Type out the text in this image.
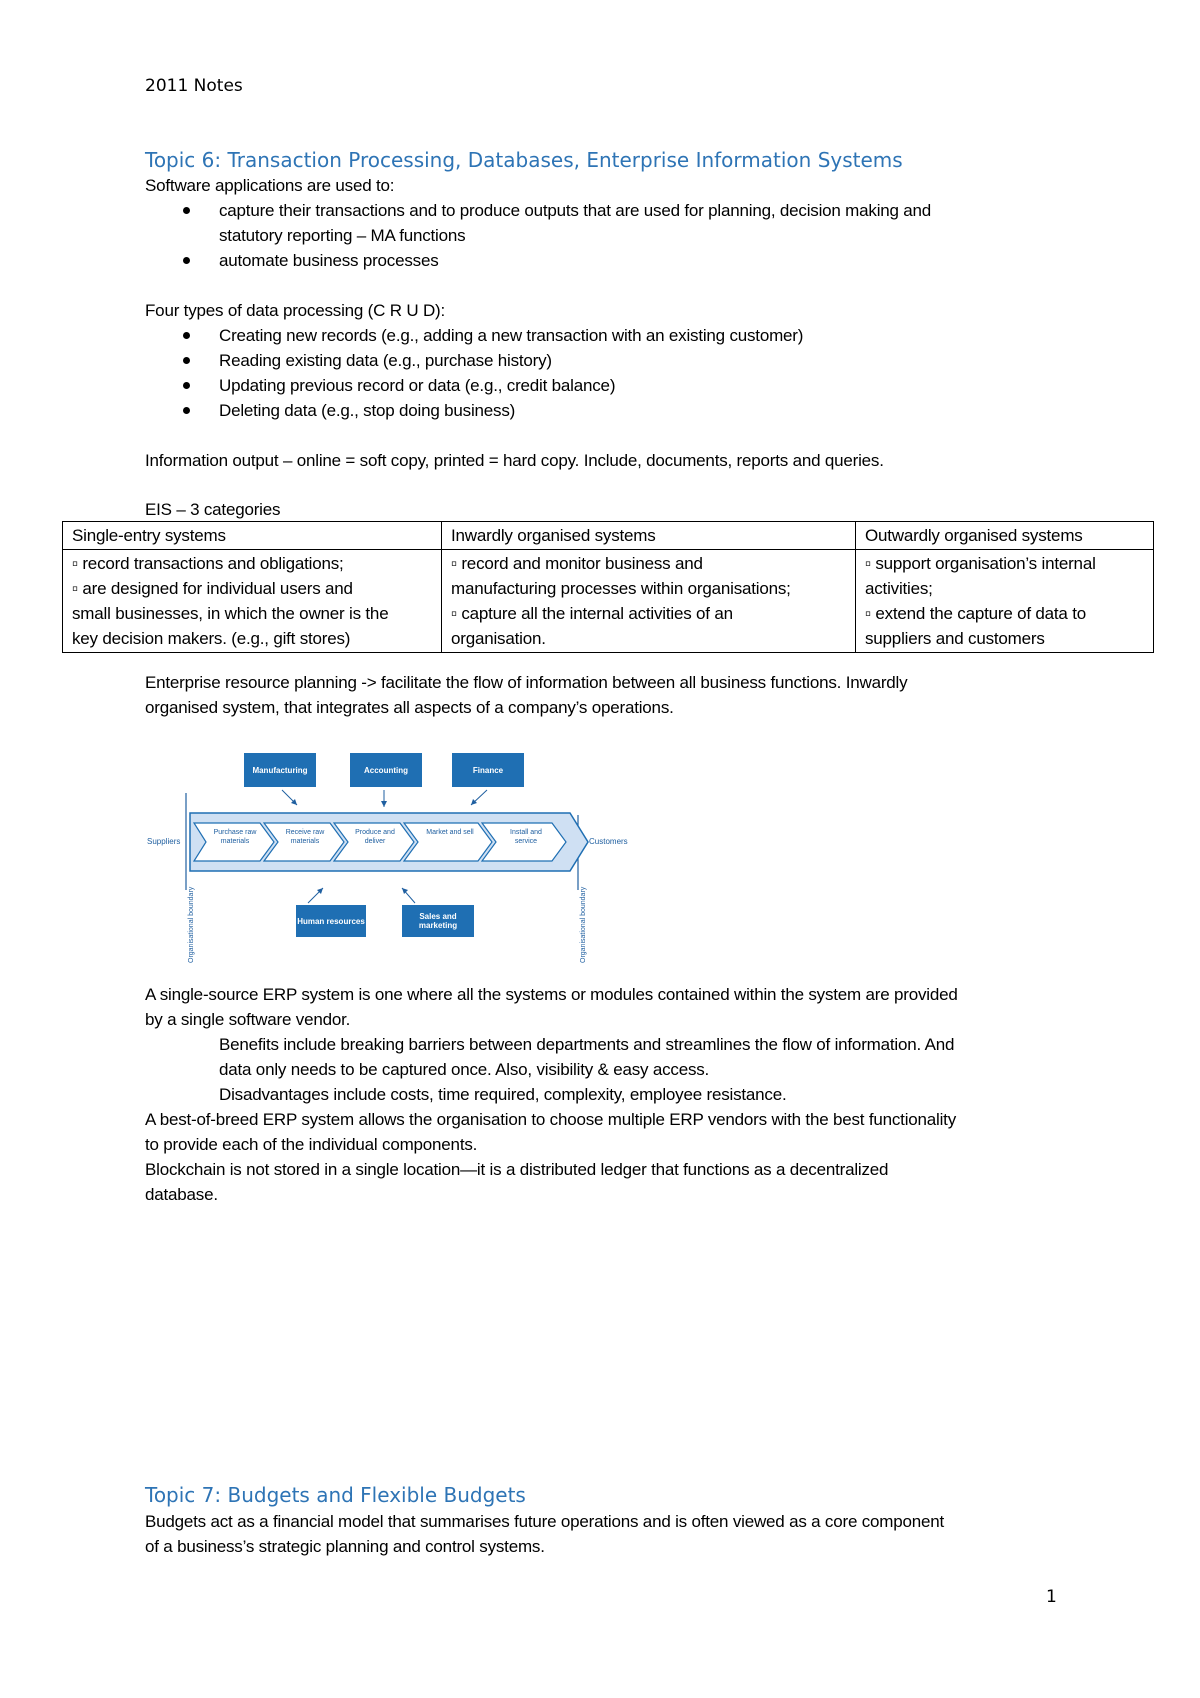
2011 Notes
Topic 6: Transaction Processing, Databases, Enterprise Information Systems
Software applications are used to:
capture their transactions and to produce outputs that are used for planning, decision making and
statutory reporting – MA functions
automate business processes
Four types of data processing (C R U D):
Creating new records (e.g., adding a new transaction with an existing customer)
Reading existing data (e.g., purchase history)
Updating previous record or data (e.g., credit balance)
Deleting data (e.g., stop doing business)
Information output – online = soft copy, printed = hard copy. Include, documents, reports and queries.
EIS – 3 categories
Single-entry systems	Inwardly organised systems	Outwardly organised systems

▫ record transactions and obligations;
▫ are designed for individual users and
small businesses, in which the owner is the
key decision makers. (e.g., gift stores)	▫ record and monitor business and
manufacturing processes within organisations;
▫ capture all the internal activities of an
organisation.	▫ support organisation’s internal
activities;
▫ extend the capture of data to
suppliers and customers
Enterprise resource planning -> facilitate the flow of information between all business functions. Inwardly
organised system, that integrates all aspects of a company’s operations.
Manufacturing	Accounting	Finance
Human resources	Sales and marketing
Purchase raw materials
Receive raw materials
Produce and deliver
Market and sell	Install and service
Suppliers	Customers
Organisational boundary	Organisational boundary
A single-source ERP system is one where all the systems or modules contained within the system are provided
by a single software vendor.
Benefits include breaking barriers between departments and streamlines the flow of information. And
data only needs to be captured once. Also, visibility & easy access.
Disadvantages include costs, time required, complexity, employee resistance.
A best-of-breed ERP system allows the organisation to choose multiple ERP vendors with the best functionality
to provide each of the individual components.
Blockchain is not stored in a single location—it is a distributed ledger that functions as a decentralized
database.
Topic 7: Budgets and Flexible Budgets
Budgets act as a financial model that summarises future operations and is often viewed as a core component
of a business’s strategic planning and control systems.
1
